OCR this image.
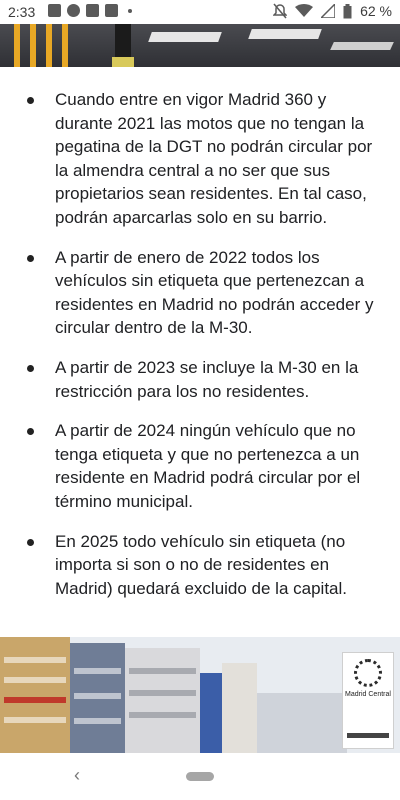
2:33	62 %

Cuando entre en vigor Madrid 360 y durante 2021 las motos que no tengan la pegatina de la DGT no podrán circular por la almendra central a no ser que sus propietarios sean residentes. En tal caso, podrán aparcarlas solo en su barrio.

A partir de enero de 2022 todos los vehículos sin etiqueta que pertenezcan a residentes en Madrid no podrán acceder y circular dentro de la M-30.

A partir de 2023 se incluye la M-30 en la restricción para los no residentes.

A partir de 2024 ningún vehículo que no tenga etiqueta y que no pertenezca a un residente en Madrid podrá circular por el término municipal.

En 2025 todo vehículo sin etiqueta (no importa si son o no de residentes en Madrid) quedará excluido de la capital.

Madrid Central
‹
